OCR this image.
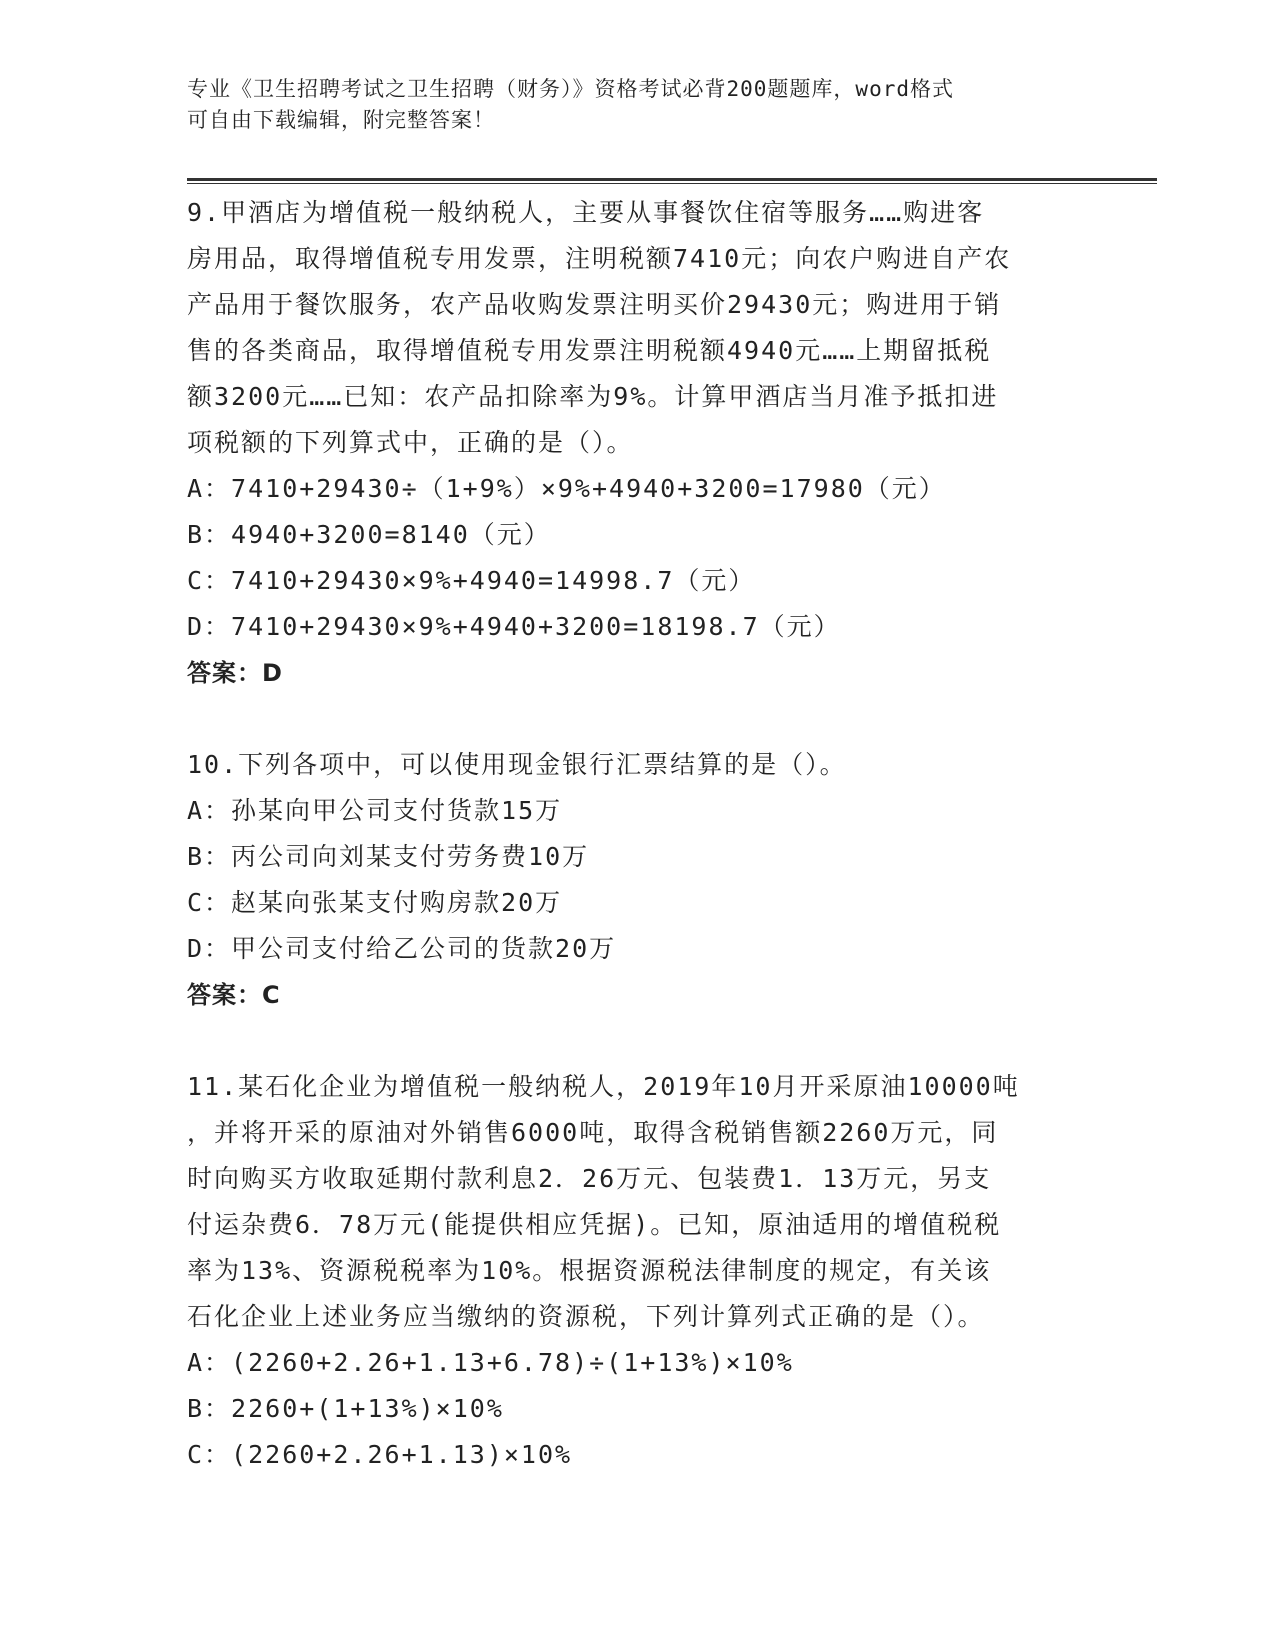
专业《卫生招聘考试之卫生招聘（财务）》资格考试必背200题题库，word格式
可自由下载编辑，附完整答案！
9.甲酒店为增值税一般纳税人，主要从事餐饮住宿等服务……购进客
房用品，取得增值税专用发票，注明税额7410元；向农户购进自产农
产品用于餐饮服务，农产品收购发票注明买价29430元；购进用于销
售的各类商品，取得增值税专用发票注明税额4940元……上期留抵税
额3200元……已知：农产品扣除率为9%。计算甲酒店当月准予抵扣进
项税额的下列算式中，正确的是（）。
A：7410+29430÷（1+9%）×9%+4940+3200=17980（元）
B：4940+3200=8140（元）
C：7410+29430×9%+4940=14998.7（元）
D：7410+29430×9%+4940+3200=18198.7（元）
答案：D
10.下列各项中，可以使用现金银行汇票结算的是（）。
A：孙某向甲公司支付货款15万
B：丙公司向刘某支付劳务费10万
C：赵某向张某支付购房款20万
D：甲公司支付给乙公司的货款20万
答案：C
11.某石化企业为增值税一般纳税人，2019年10月开采原油10000吨
，并将开采的原油对外销售6000吨，取得含税销售额2260万元，同
时向购买方收取延期付款利息2．26万元、包装费1．13万元，另支
付运杂费6．78万元(能提供相应凭据)。已知，原油适用的增值税税
率为13%、资源税税率为10%。根据资源税法律制度的规定，有关该
石化企业上述业务应当缴纳的资源税，下列计算列式正确的是（）。
A：(2260+2.26+1.13+6.78)÷(1+13%)×10%
B：2260+(1+13%)×10%
C：(2260+2.26+1.13)×10%
